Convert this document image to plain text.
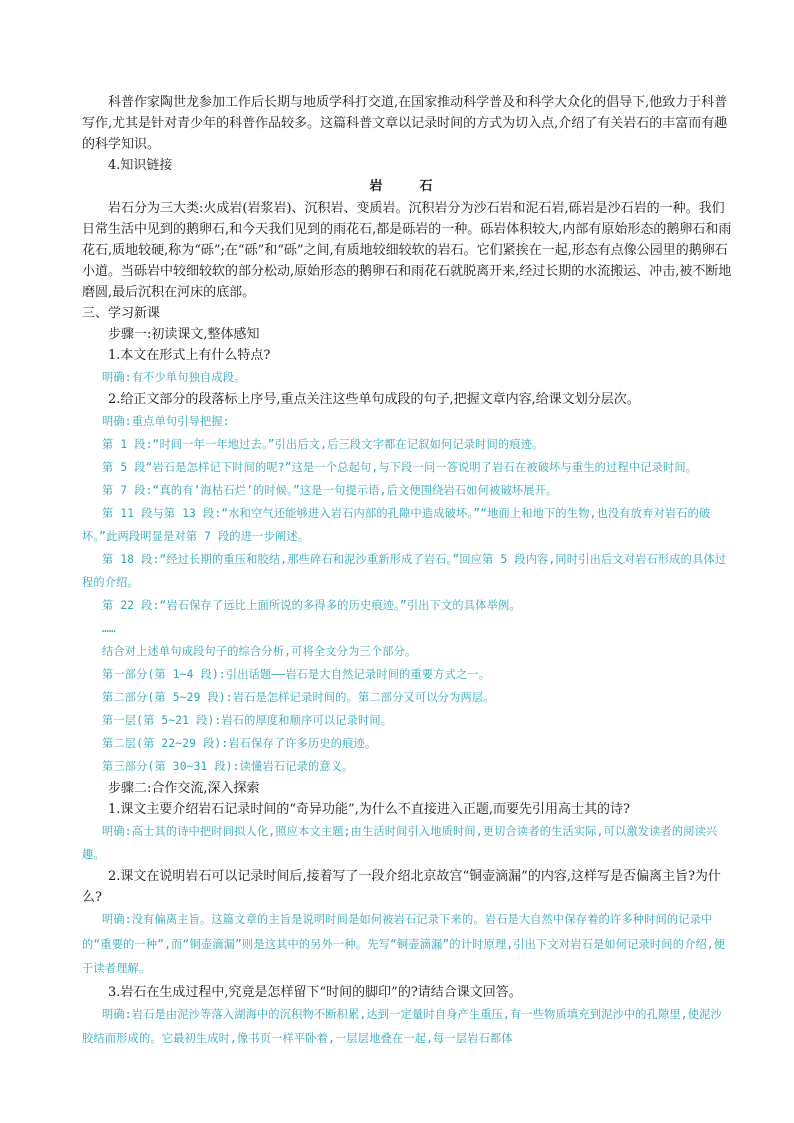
科普作家陶世龙参加工作后长期与地质学科打交道,在国家推动科学普及和科学大众化的倡导下,他致力于科普写作,尤其是针对青少年的科普作品较多。这篇科普文章以记录时间的方式为切入点,介绍了有关岩石的丰富而有趣的科学知识。

4.知识链接

岩　石

岩石分为三大类:火成岩(岩浆岩)、沉积岩、变质岩。沉积岩分为沙石岩和泥石岩,砾岩是沙石岩的一种。我们日常生活中见到的鹅卵石,和今天我们见到的雨花石,都是砾岩的一种。砾岩体积较大,内部有原始形态的鹅卵石和雨花石,质地较硬,称为“砾”;在“砾”和“砾”之间,有质地较细较软的岩石。它们紧挨在一起,形态有点像公园里的鹅卵石小道。当砾岩中较细较软的部分松动,原始形态的鹅卵石和雨花石就脱离开来,经过长期的水流搬运、冲击,被不断地磨圆,最后沉积在河床的底部。

三、学习新课

步骤一:初读课文,整体感知

1.本文在形式上有什么特点?

明确:有不少单句独自成段。

2.给正文部分的段落标上序号,重点关注这些单句成段的句子,把握文章内容,给课文划分层次。

明确:重点单句引导把握:

第 1 段:“时间一年一年地过去。”引出后文,后三段文字都在记叙如何记录时间的痕迹。

第 5 段“岩石是怎样记下时间的呢?”这是一个总起句,与下段一问一答说明了岩石在被破坏与重生的过程中记录时间。

第 7 段:“真的有‘海枯石烂’的时候。”这是一句提示语,后文便围绕岩石如何被破坏展开。

第 11 段与第 13 段:“水和空气还能够进入岩石内部的孔隙中造成破坏。”“地面上和地下的生物,也没有放弃对岩石的破坏。”此两段明显是对第 7 段的进一步阐述。

第 18 段:“经过长期的重压和胶结,那些碎石和泥沙重新形成了岩石。”回应第 5 段内容,同时引出后文对岩石形成的具体过程的介绍。

第 22 段:“岩石保存了远比上面所说的多得多的历史痕迹。”引出下文的具体举例。

……

结合对上述单句成段句子的综合分析,可将全文分为三个部分。

第一部分(第 1~4 段):引出话题——岩石是大自然记录时间的重要方式之一。

第二部分(第 5~29 段):岩石是怎样记录时间的。第二部分又可以分为两层。

第一层(第 5~21 段):岩石的厚度和顺序可以记录时间。

第二层(第 22~29 段):岩石保存了许多历史的痕迹。

第三部分(第 30~31 段):读懂岩石记录的意义。

步骤二:合作交流,深入探索

1.课文主要介绍岩石记录时间的“奇异功能”,为什么不直接进入正题,而要先引用高士其的诗?

明确:高士其的诗中把时间拟人化,照应本文主题;由生活时间引入地质时间,更切合读者的生活实际,可以激发读者的阅读兴趣。

2.课文在说明岩石可以记录时间后,接着写了一段介绍北京故宫“铜壶滴漏”的内容,这样写是否偏离主旨?为什么?

明确:没有偏离主旨。这篇文章的主旨是说明时间是如何被岩石记录下来的。岩石是大自然中保存着的许多种时间的记录中的“重要的一种”,而“铜壶滴漏”则是这其中的另外一种。先写“铜壶滴漏”的计时原理,引出下文对岩石是如何记录时间的介绍,便于读者理解。

3.岩石在生成过程中,究竟是怎样留下“时间的脚印”的?请结合课文回答。

明确:岩石是由泥沙等落入湖海中的沉积物不断积累,达到一定量时自身产生重压,有一些物质填充到泥沙中的孔隙里,使泥沙胶结而形成的。它最初生成时,像书页一样平卧着,一层层地叠在一起,每一层岩石都体
